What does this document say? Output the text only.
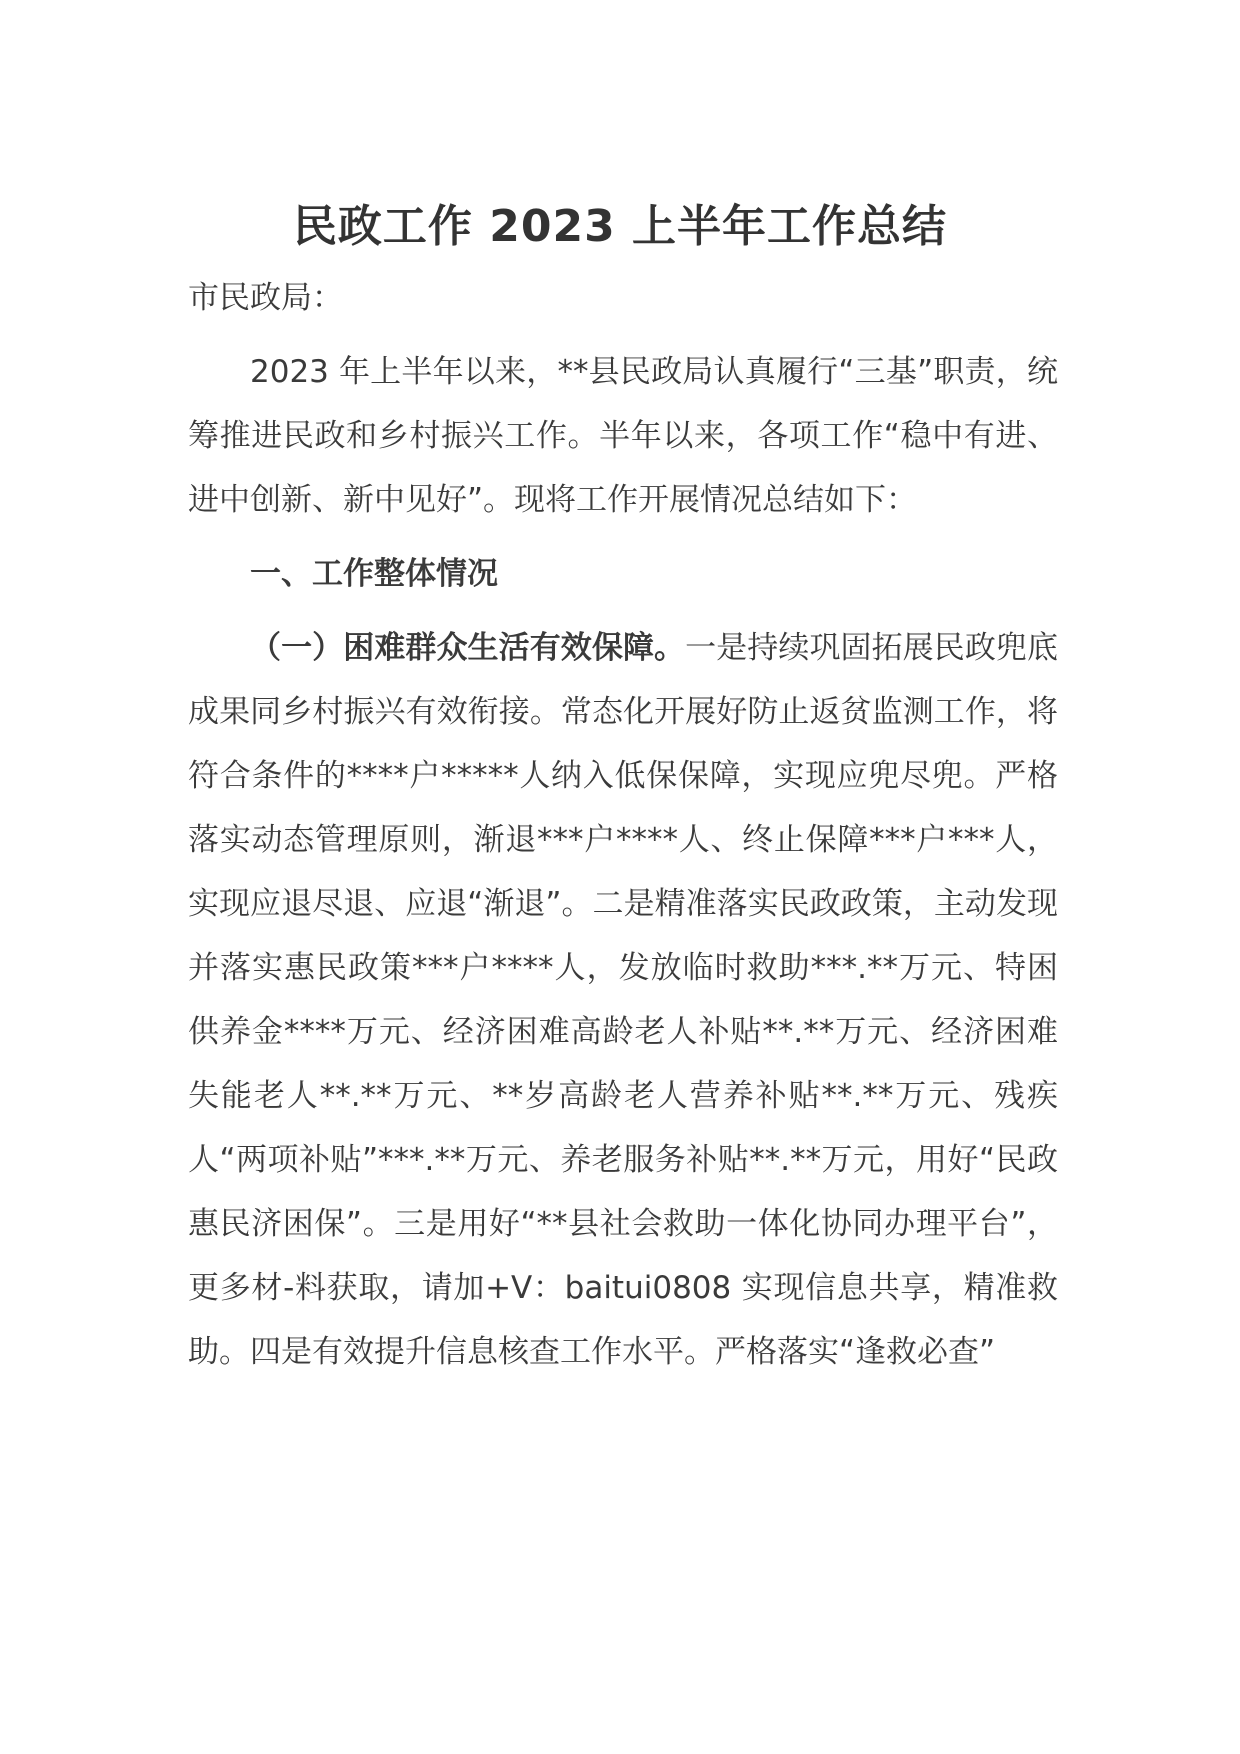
民政工作 2023 上半年工作总结

市民政局：

2023 年上半年以来，**县民政局认真履行“三基”职责，统筹推进民政和乡村振兴工作。半年以来，各项工作“稳中有进、进中创新、新中见好”。现将工作开展情况总结如下：

一、工作整体情况

（一）困难群众生活有效保障。一是持续巩固拓展民政兜底成果同乡村振兴有效衔接。常态化开展好防止返贫监测工作，将符合条件的****户*****人纳入低保保障，实现应兜尽兜。严格落实动态管理原则，渐退***户****人、终止保障***户***人，实现应退尽退、应退“渐退”。二是精准落实民政政策，主动发现并落实惠民政策***户****人，发放临时救助***.**万元、特困供养金****万元、经济困难高龄老人补贴**.**万元、经济困难失能老人**.**万元、**岁高龄老人营养补贴**.**万元、残疾人“两项补贴”***.**万元、养老服务补贴**.**万元，用好“民政惠民济困保”。三是用好“**县社会救助一体化协同办理平台”，更多材-料获取，请加+V：baitui0808 实现信息共享，精准救助。四是有效提升信息核查工作水平。严格落实“逢救必查”
